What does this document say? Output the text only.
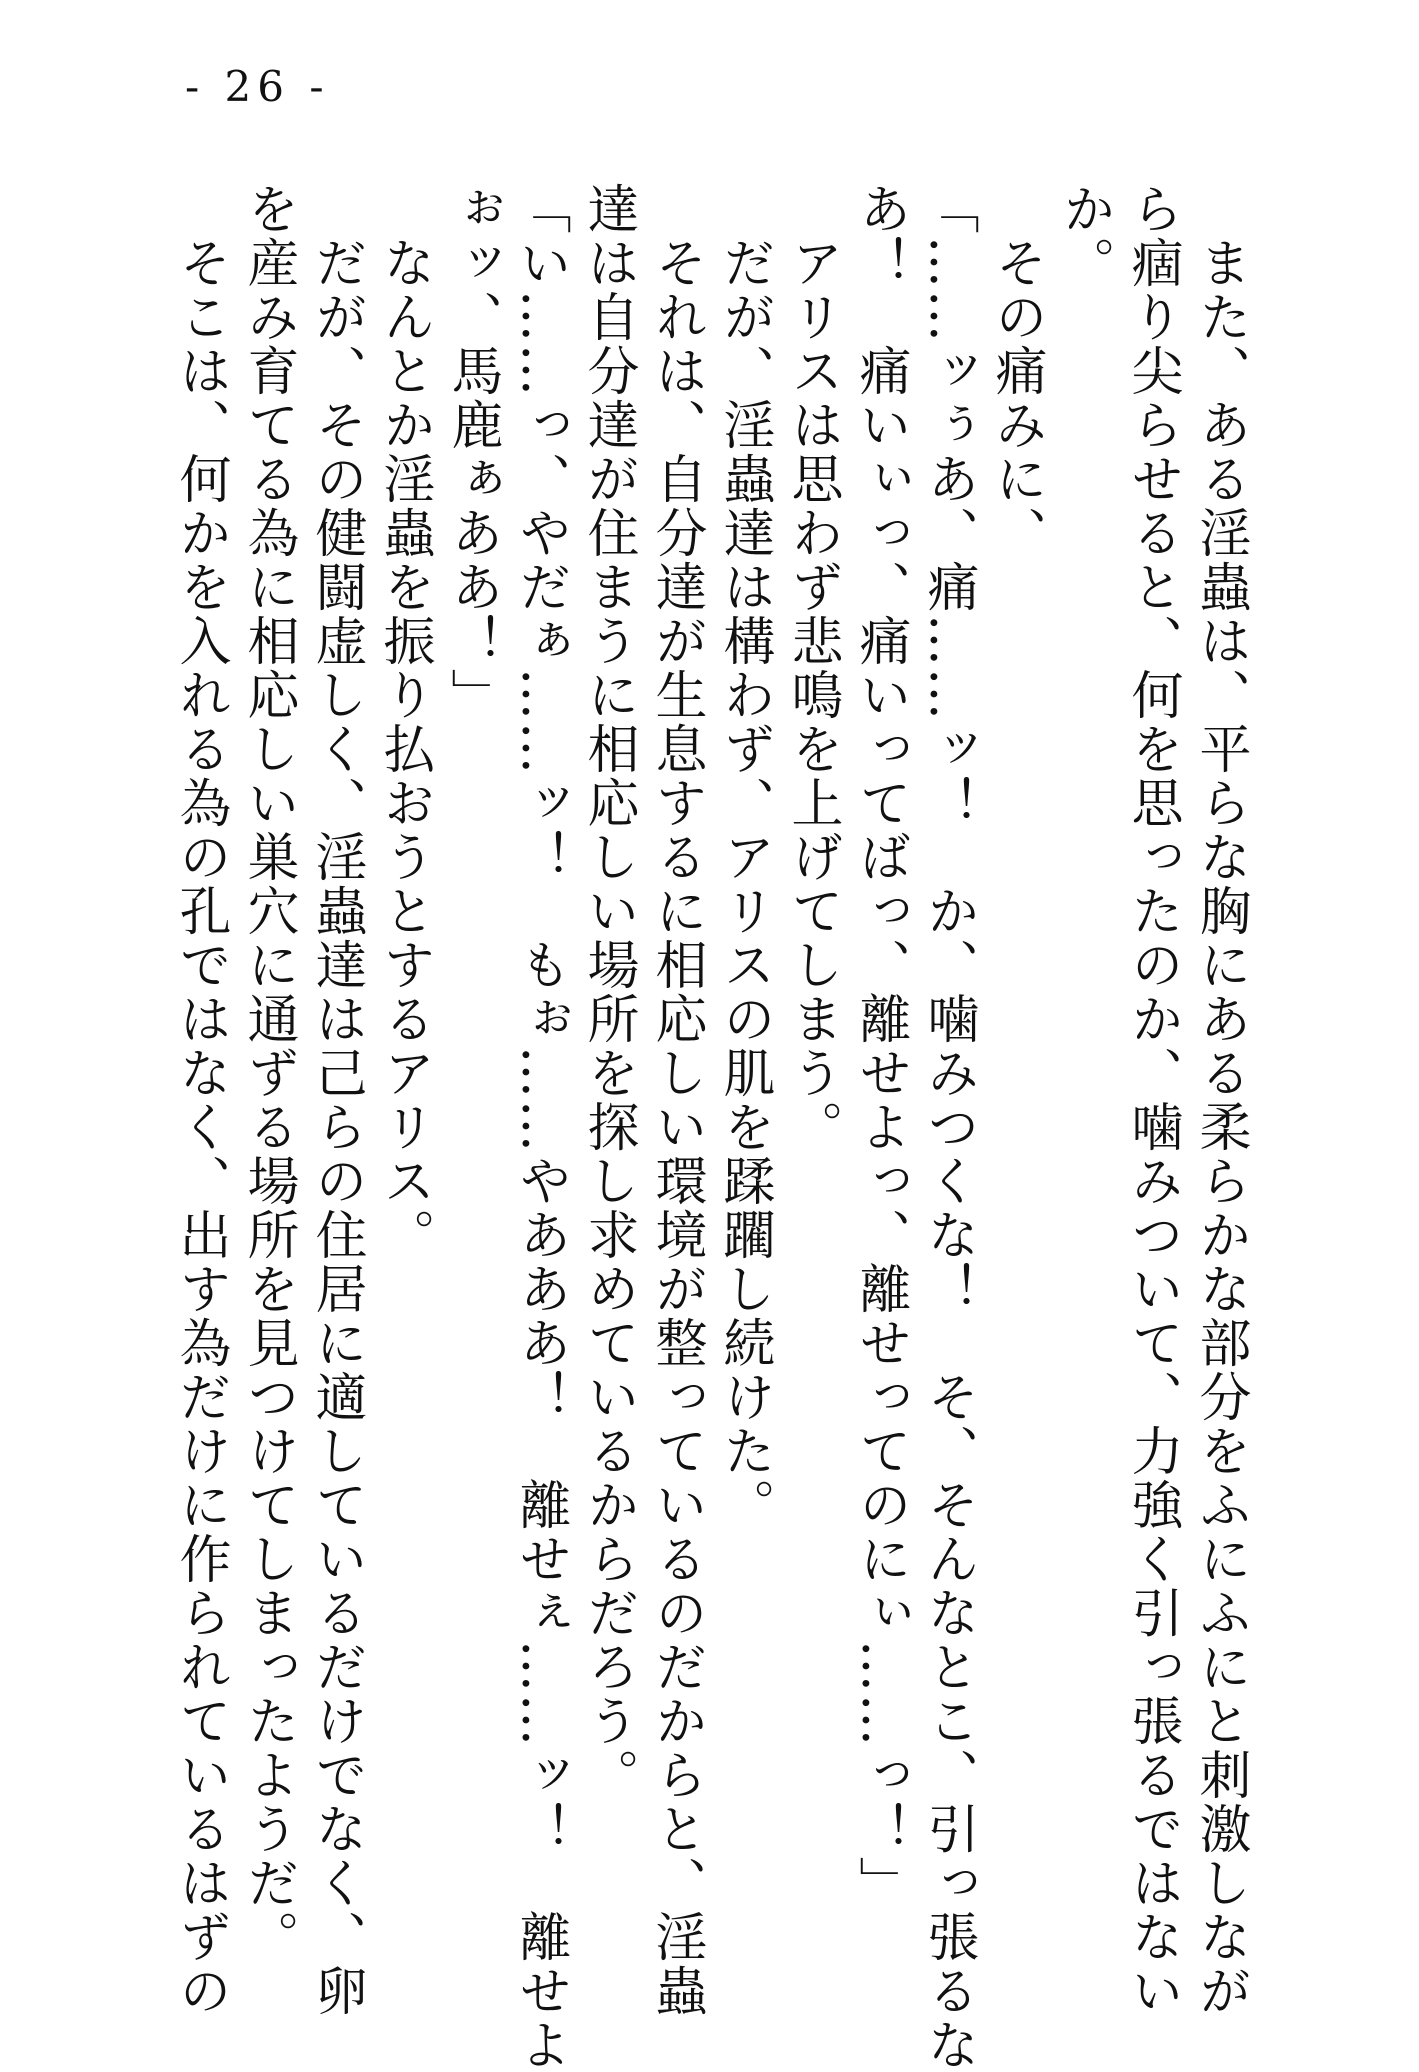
- 26 -

　また、ある淫蟲は、平らな胸にある柔らかな部分をふにふにと刺激しなが

ら痼り尖らせると、何を思ったのか、噛みついて、力強く引っ張るではない

か。

　その痛みに、

「……ッぅあ、痛……ッ！　か、噛みつくな！　そ、そんなとこ、引っ張るな

あ！　痛いぃっ、痛いってばっ、離せよっ、離せってのにぃ……っ！」

　アリスは思わず悲鳴を上げてしまう。

　だが、淫蟲達は構わず、アリスの肌を蹂躙し続けた。

　それは、自分達が生息するに相応しい環境が整っているのだからと、淫蟲

達は自分達が住まうに相応しい場所を探し求めているからだろう。

「い……っ、やだぁ……ッ！　もぉ……やあああ！　離せぇ……ッ！　離せよ

ぉッ、馬鹿ぁああ！」

　なんとか淫蟲を振り払おうとするアリス。

　だが、その健闘虚しく、淫蟲達は己らの住居に適しているだけでなく、卵

を産み育てる為に相応しい巣穴に通ずる場所を見つけてしまったようだ。

　そこは、何かを入れる為の孔ではなく、出す為だけに作られているはずの
